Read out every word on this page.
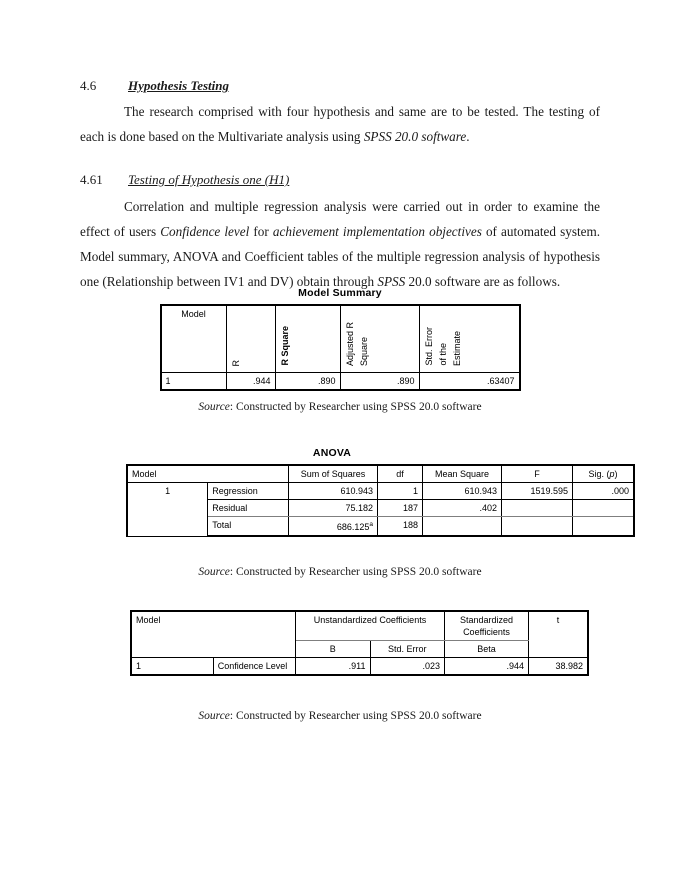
4.6	Hypothesis Testing
The research comprised with four hypothesis and same are to be tested. The testing of each is done based on the Multivariate analysis using SPSS 20.0 software.
4.61	Testing of Hypothesis one (H1)
Correlation and multiple regression analysis were carried out in order to examine the effect of users Confidence level for achievement implementation objectives of automated system. Model summary, ANOVA and Coefficient tables of the multiple regression analysis of hypothesis one (Relationship between IV1 and DV) obtain through SPSS 20.0 software are as follows.
Model Summary
Model	R	R Square	Adjusted R Square	Std. Error of the Estimate

1	.944	.890	.890	.63407
Source: Constructed by Researcher using SPSS 20.0 software
ANOVA
Model		Sum of Squares	df	Mean Square	F	Sig. (p)
1	Regression	610.943	1	610.943	1519.595	.000
	Residual	75.182	187	.402		
	Total	686.125$^a$	188			
Source: Constructed by Researcher using SPSS 20.0 software
Model		Unstandardized Coefficients		Standardized
Coefficients	t
		B	Std. Error	Beta	
1	Confidence Level	.911	.023	.944	38.982
Source: Constructed by Researcher using SPSS 20.0 software
